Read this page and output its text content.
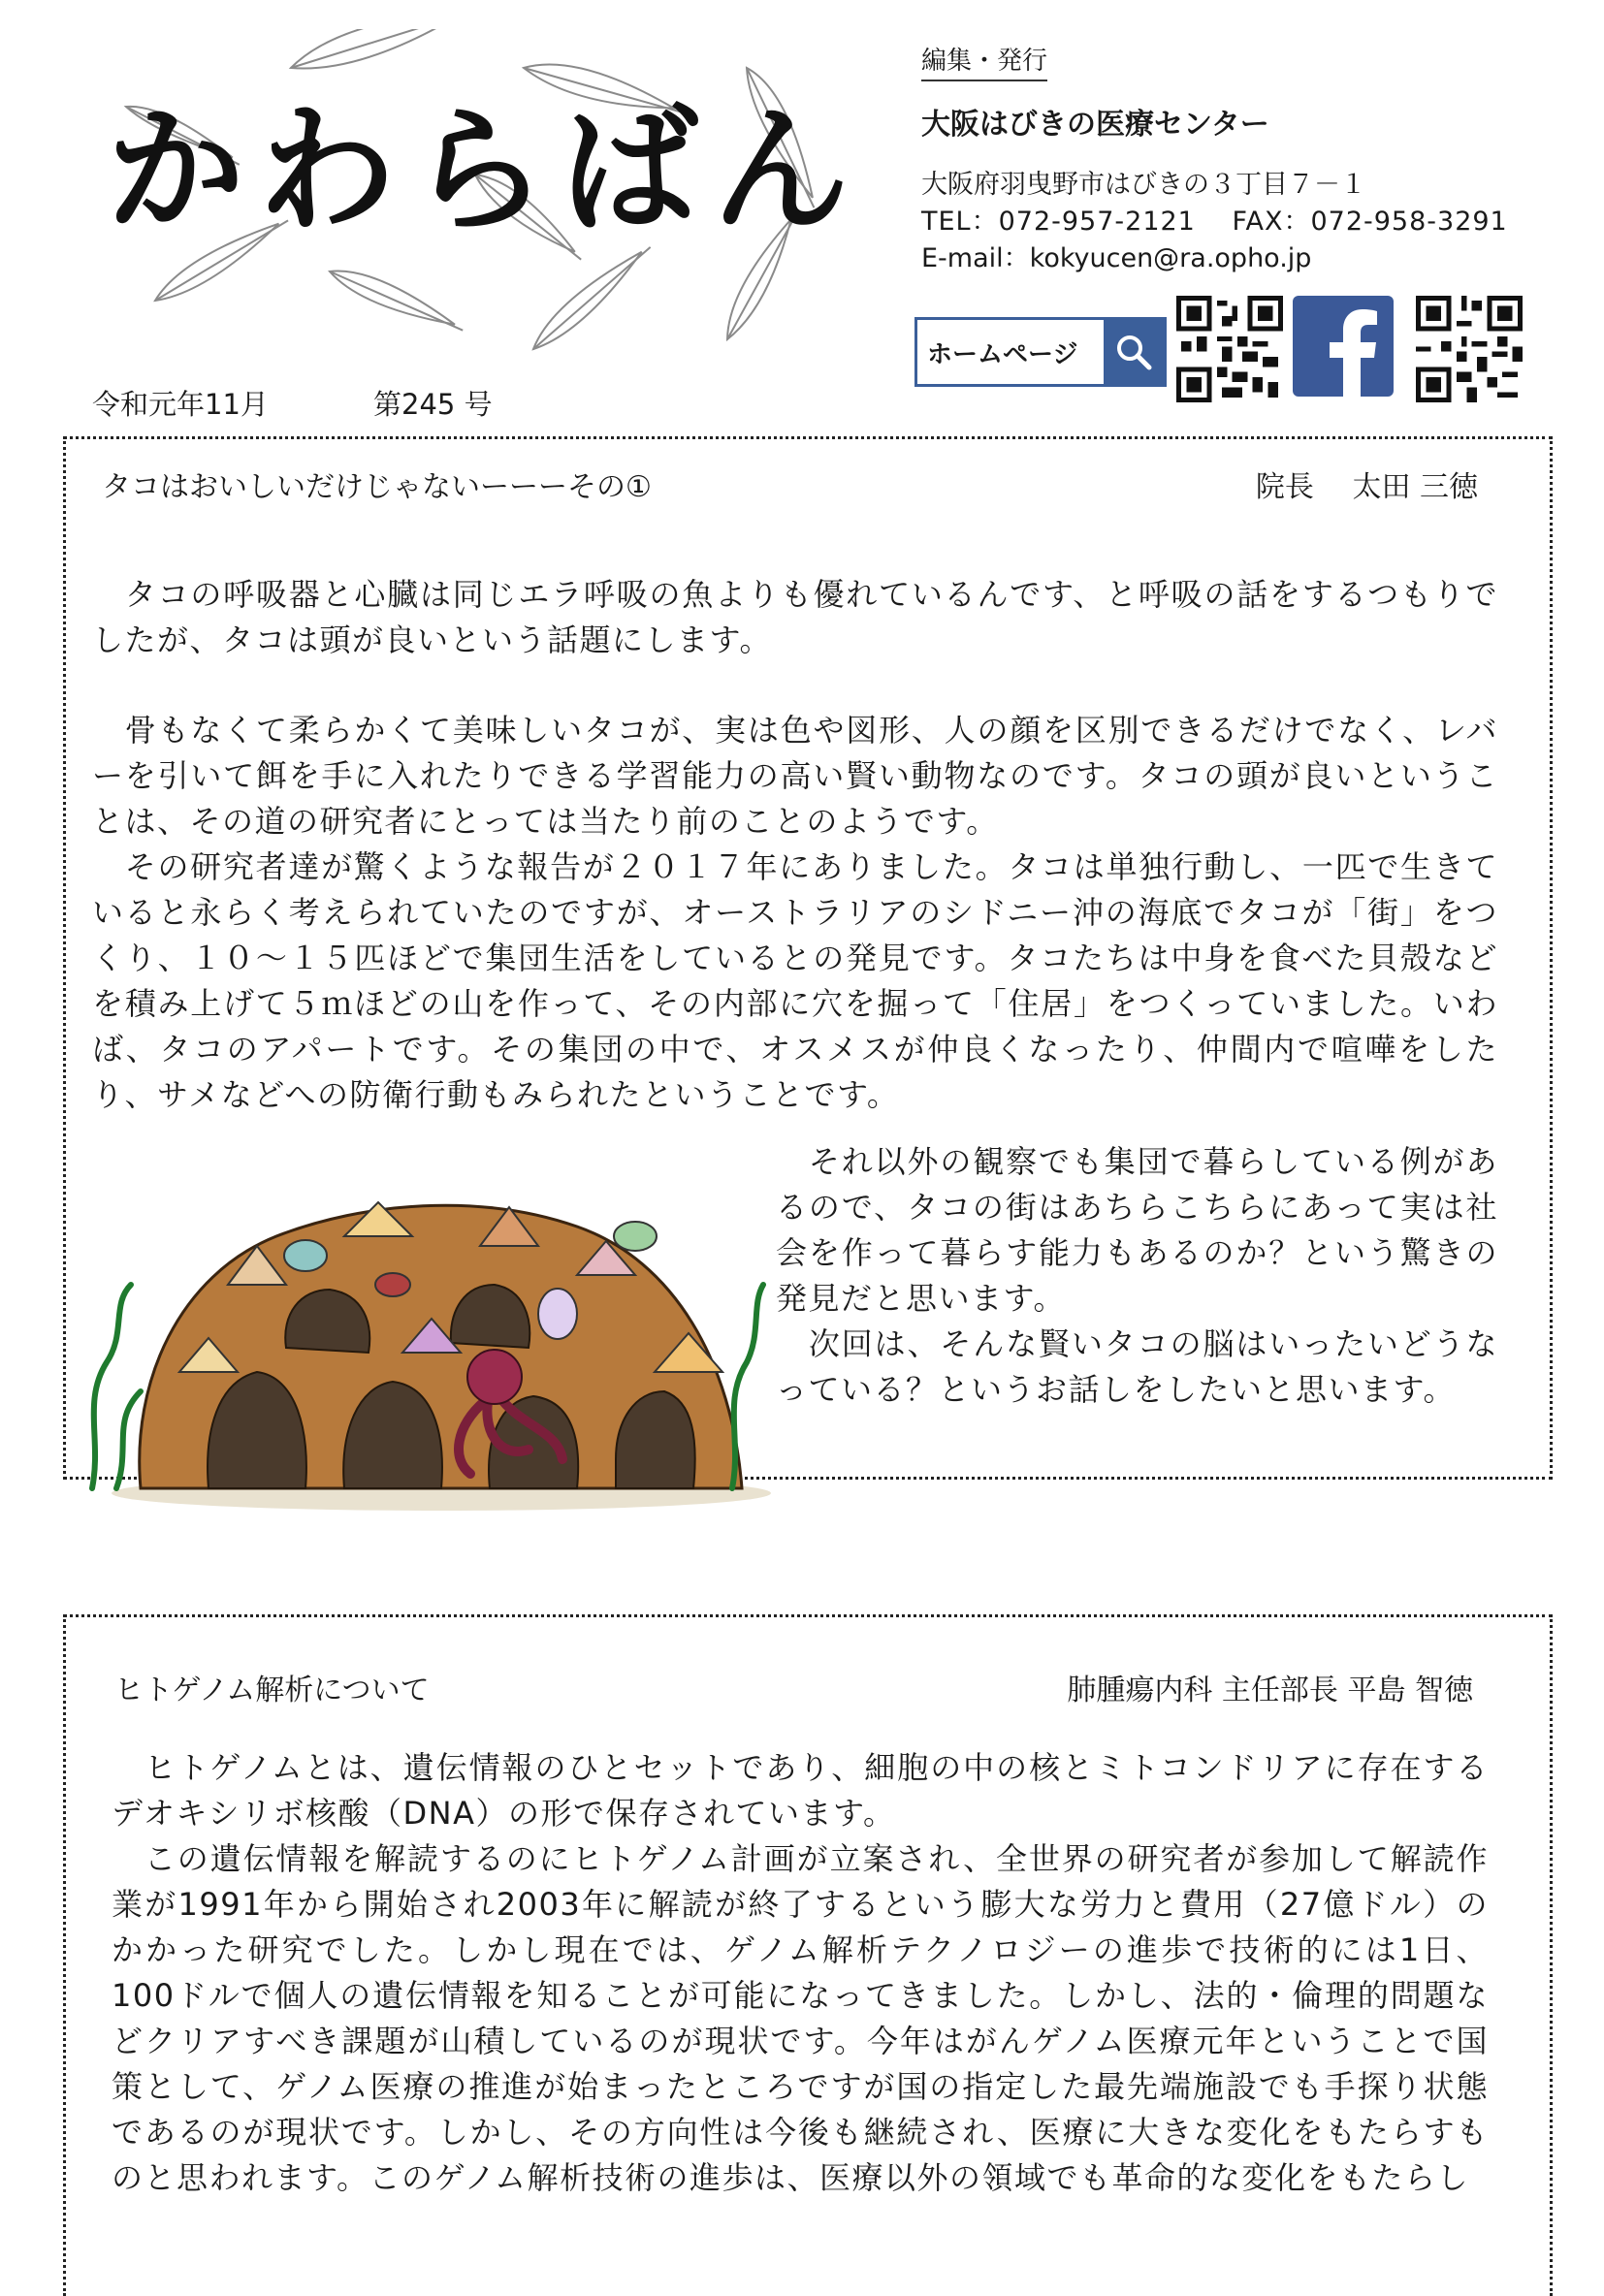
かわらばん
令和元年11月	第245 号
編集・発行
大阪はびきの医療センター
大阪府羽曳野市はびきの３丁目７－１
TEL：072-957-2121　 FAX：072-958-3291
E-mail：kokyucen@ra.opho.jp
ホームページ
タコはおいしいだけじゃないーーーその①	院長　 太田 三徳

　タコの呼吸器と心臓は同じエラ呼吸の魚よりも優れているんです、と呼吸の話をするつもりでしたが、タコは頭が良いという話題にします。

　骨もなくて柔らかくて美味しいタコが、実は色や図形、人の顔を区別できるだけでなく、レバーを引いて餌を手に入れたりできる学習能力の高い賢い動物なのです。タコの頭が良いということは、その道の研究者にとっては当たり前のことのようです。

　その研究者達が驚くような報告が２０１７年にありました。タコは単独行動し、一匹で生きていると永らく考えられていたのですが、オーストラリアのシドニー沖の海底でタコが「街」をつくり、１０～１５匹ほどで集団生活をしているとの発見です。タコたちは中身を食べた貝殻などを積み上げて５ｍほどの山を作って、その内部に穴を掘って「住居」をつくっていました。いわば、タコのアパートです。その集団の中で、オスメスが仲良くなったり、仲間内で喧嘩をしたり、サメなどへの防衛行動もみられたということです。

　それ以外の観察でも集団で暮らしている例があるので、タコの街はあちらこちらにあって実は社会を作って暮らす能力もあるのか？という驚きの発見だと思います。

　次回は、そんな賢いタコの脳はいったいどうなっている？というお話しをしたいと思います。

ヒトゲノム解析について	肺腫瘍内科 主任部長 平島 智徳

　ヒトゲノムとは、遺伝情報のひとセットであり、細胞の中の核とミトコンドリアに存在するデオキシリボ核酸（DNA）の形で保存されています。

　この遺伝情報を解読するのにヒトゲノム計画が立案され、全世界の研究者が参加して解読作業が1991年から開始され2003年に解読が終了するという膨大な労力と費用（27億ドル）のかかった研究でした。しかし現在では、ゲノム解析テクノロジーの進歩で技術的には1日、100ドルで個人の遺伝情報を知ることが可能になってきました。しかし、法的・倫理的問題などクリアすべき課題が山積しているのが現状です。今年はがんゲノム医療元年ということで国策として、ゲノム医療の推進が始まったところですが国の指定した最先端施設でも手探り状態であるのが現状です。しかし、その方向性は今後も継続され、医療に大きな変化をもたらすものと思われます。このゲノム解析技術の進歩は、医療以外の領域でも革命的な変化をもたらし
